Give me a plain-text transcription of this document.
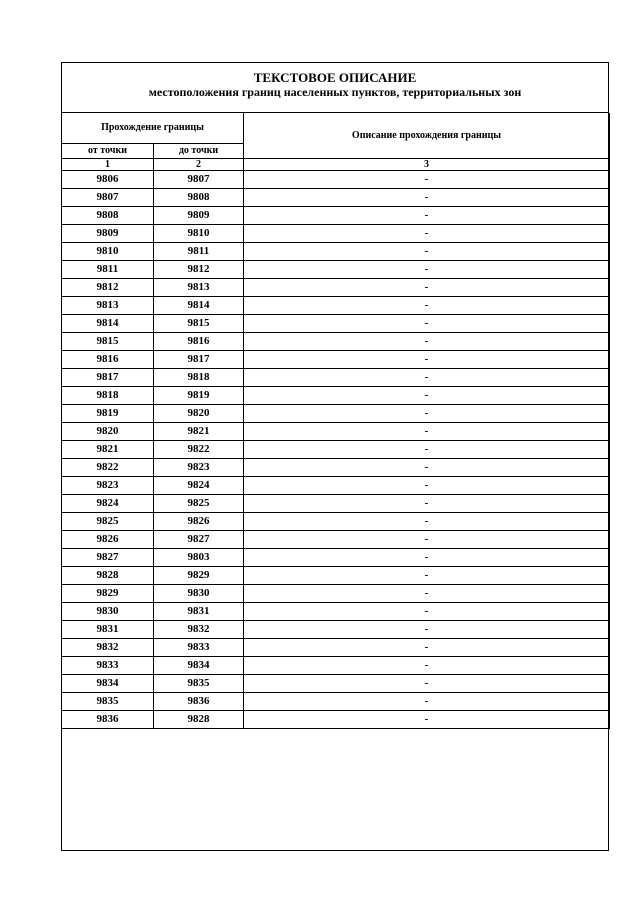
ТЕКСТОВОЕ ОПИСАНИЕ
местоположения границ населенных пунктов, территориальных зон
Прохождение границы		Описание прохождения границы
от точки	до точки	
1	2	3
9806	9807	-
9807	9808	-
9808	9809	-
9809	9810	-
9810	9811	-
9811	9812	-
9812	9813	-
9813	9814	-
9814	9815	-
9815	9816	-
9816	9817	-
9817	9818	-
9818	9819	-
9819	9820	-
9820	9821	-
9821	9822	-
9822	9823	-
9823	9824	-
9824	9825	-
9825	9826	-
9826	9827	-
9827	9803	-
9828	9829	-
9829	9830	-
9830	9831	-
9831	9832	-
9832	9833	-
9833	9834	-
9834	9835	-
9835	9836	-
9836	9828	-
